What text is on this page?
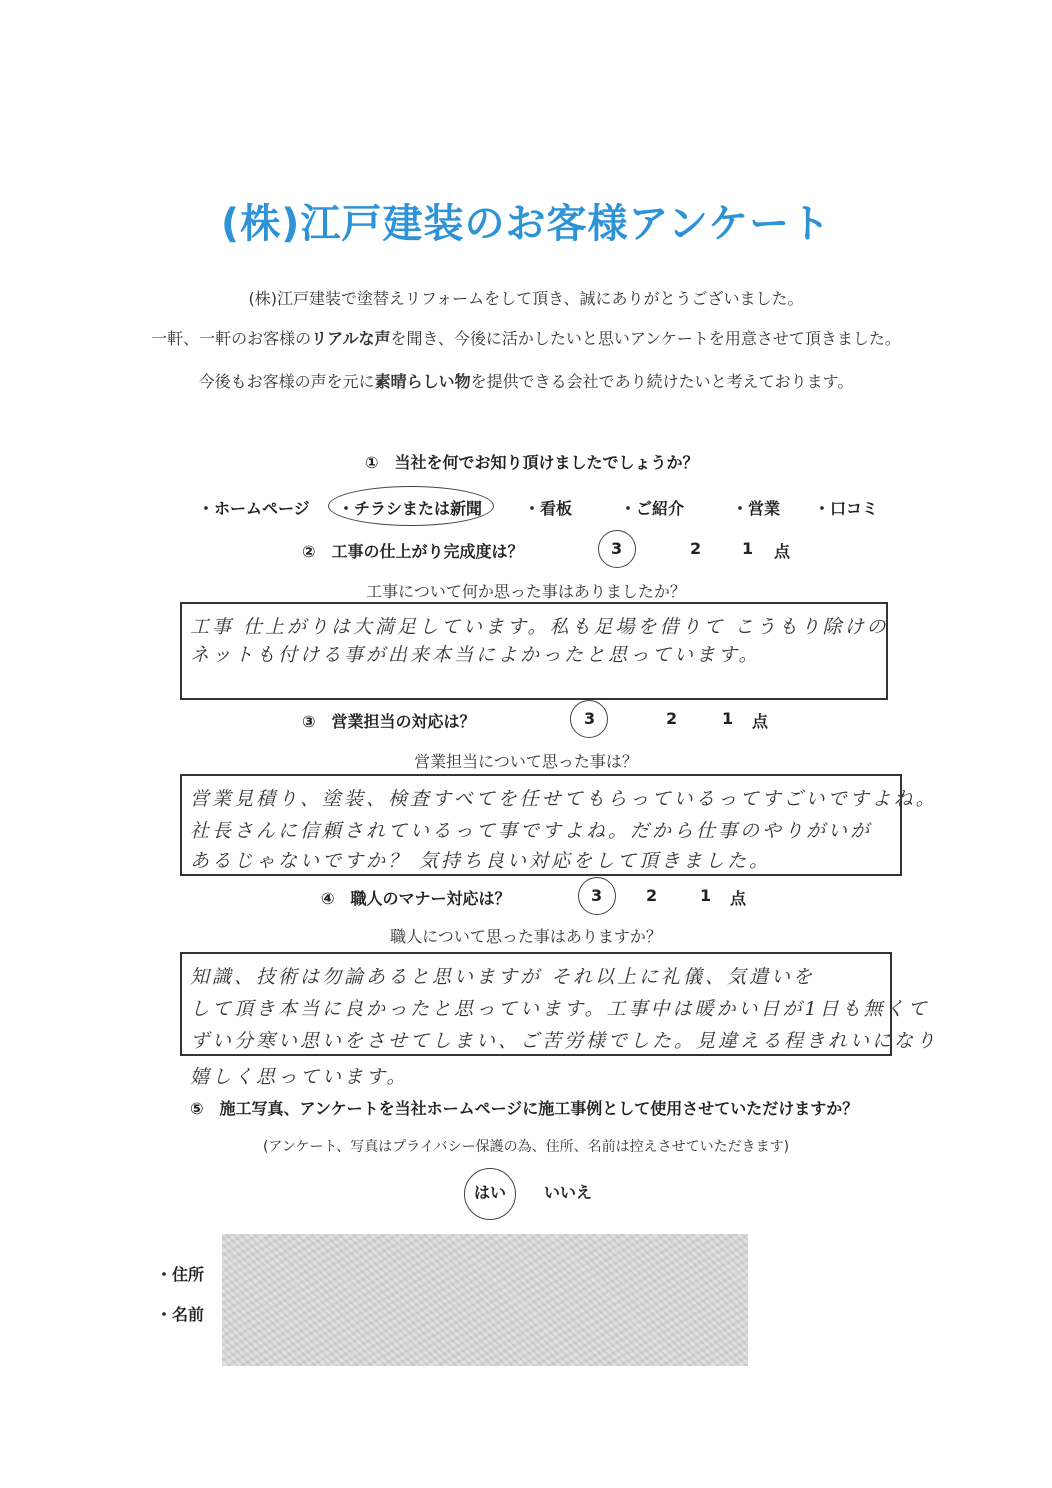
(株)江戸建装のお客様アンケート
(株)江戸建装で塗替えリフォームをして頂き、誠にありがとうございました。
一軒、一軒のお客様のリアルな声を聞き、今後に活かしたいと思いアンケートを用意させて頂きました。
今後もお客様の声を元に素晴らしい物を提供できる会社であり続けたいと考えております。
①　当社を何でお知り頂けましたでしょうか？
・ホームページ ・チラシまたは新聞	・看板	・ご紹介	・営業 ・口コミ
②　工事の仕上がり完成度は？	3	2	1 点
工事について何か思った事はありましたか？
工事 仕上がりは大満足しています。私も足場を借りて こうもり除けの
ネットも付ける事が出来本当によかったと思っています。
③　営業担当の対応は？	3	2	1 点
営業担当について思った事は？
営業見積り、塗装、検査すべてを任せてもらっているってすごいですよね。
社長さんに信頼されているって事ですよね。だから仕事のやりがいが
あるじゃないですか？ 気持ち良い対応をして頂きました。
④　職人のマナー対応は？	3	2	1 点
職人について思った事はありますか？
知識、技術は勿論あると思いますが それ以上に礼儀、気遣いを
して頂き本当に良かったと思っています。工事中は暖かい日が1日も無くて
ずい分寒い思いをさせてしまい、ご苦労様でした。見違える程きれいになり
嬉しく思っています。
⑤　施工写真、アンケートを当社ホームページに施工事例として使用させていただけますか？
(アンケート、写真はプライバシー保護の為、住所、名前は控えさせていただきます)
はい いいえ
・住所
・名前
